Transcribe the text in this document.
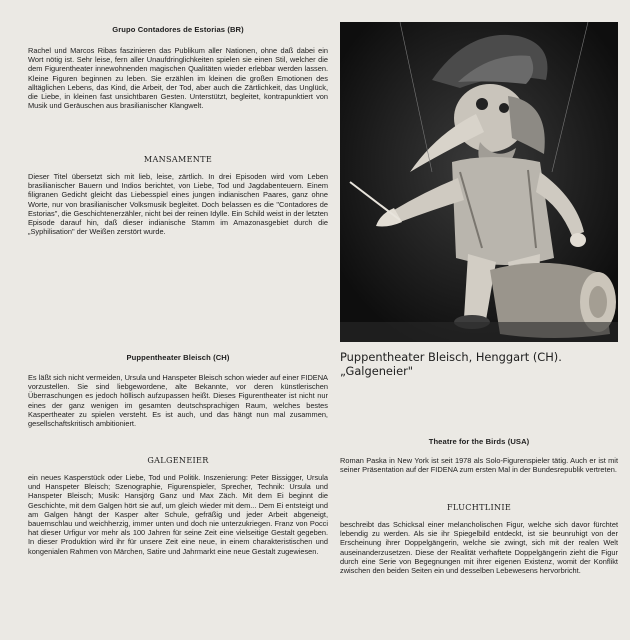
Grupo Contadores de Estorias (BR)

Rachel und Marcos Ribas faszinieren das Publikum aller Nationen, ohne daß dabei ein Wort nötig ist. Sehr leise, fern aller Unaufdringlichkeiten spielen sie einen Stil, welcher die dem Figurentheater innewohnenden magischen Qualitäten wieder erlebbar werden lassen. Kleine Figuren beginnen zu leben. Sie erzählen im kleinen die großen Emotionen des alltäglichen Lebens, das Kind, die Arbeit, der Tod, aber auch die Zärtlichkeit, das Unglück, die Liebe, in kleinen fast unsichtbaren Gesten. Unterstützt, begleitet, kontrapunktiert von Musik und Geräuschen aus brasilianischer Klangwelt.

MANSAMENTE

Dieser Titel übersetzt sich mit lieb, leise, zärtlich. In drei Episoden wird vom Leben brasilianischer Bauern und Indios berichtet, von Liebe, Tod und Jagdabenteuern. Einem filigranen Gedicht gleicht das Liebesspiel eines jungen indianischen Paares, ganz ohne Worte, nur von brasilianischer Volksmusik begleitet. Doch belassen es die "Contadores de Estorias", die Geschichtenerzähler, nicht bei der reinen Idylle. Ein Schild weist in der letzten Episode darauf hin, daß dieser indianische Stamm im Amazonasgebiet durch die „Syphilisation" der Weißen zerstört wurde.

Puppentheater Bleisch (CH)

Es läßt sich nicht vermeiden, Ursula und Hanspeter Bleisch schon wieder auf einer FIDENA vorzustellen. Sie sind liebgewordene, alte Bekannte, vor deren künstlerischen Überraschungen es jedoch höllisch aufzupassen heißt. Dieses Figurentheater ist nicht nur eines der ganz wenigen im gesamten deutschsprachigen Raum, welches bestes Kaspertheater zu spielen versteht. Es ist auch, und das hängt nun mal zusammen, gesellschaftskritisch ambitioniert.

GALGENEIER

ein neues Kasperstück oder Liebe, Tod und Politik. Inszenierung: Peter Bissigger, Ursula und Hanspeter Bleisch; Szenographie, Figurenspieler, Sprecher, Technik: Ursula und Hanspeter Bleisch; Musik: Hansjörg Ganz und Max Zäch. Mit dem Ei beginnt die Geschichte, mit dem Galgen hört sie auf, um gleich wieder mit dem... Dem Ei entsteigt und am Galgen hängt der Kasper alter Schule, gefräßig und jeder Arbeit abgeneigt, bauernschlau und weichherzig, immer unten und doch nie unterzukriegen. Franz von Pocci hat dieser Urfigur vor mehr als 100 Jahren für seine Zeit eine vielseitige Gestalt gegeben. In dieser Produktion wird ihr für unsere Zeit eine neue, in einem charakteristischen und kongenialen Rahmen von Märchen, Satire und Jahrmarkt eine neue Gestalt zugewiesen.

Puppentheater Bleisch, Henggart (CH).
„Galgeneier"
Theatre for the Birds (USA)

Roman Paska in New York ist seit 1978 als Solo-Figurenspieler tätig. Auch er ist mit seiner Präsentation auf der FIDENA zum ersten Mal in der Bundesrepublik vertreten.

FLUCHTLINIE

beschreibt das Schicksal einer melancholischen Figur, welche sich davor fürchtet lebendig zu werden. Als sie ihr Spiegelbild entdeckt, ist sie beunruhigt von der Erscheinung ihrer Doppelgängerin, welche sie zwingt, sich mit der realen Welt auseinanderzusetzen. Diese der Realität verhaftete Doppelgängerin zieht die Figur durch eine Serie von Begegnungen mit ihrer eigenen Existenz, womit der Konflikt zwischen den beiden Seiten ein und desselben Lebewesens hervorbricht.
